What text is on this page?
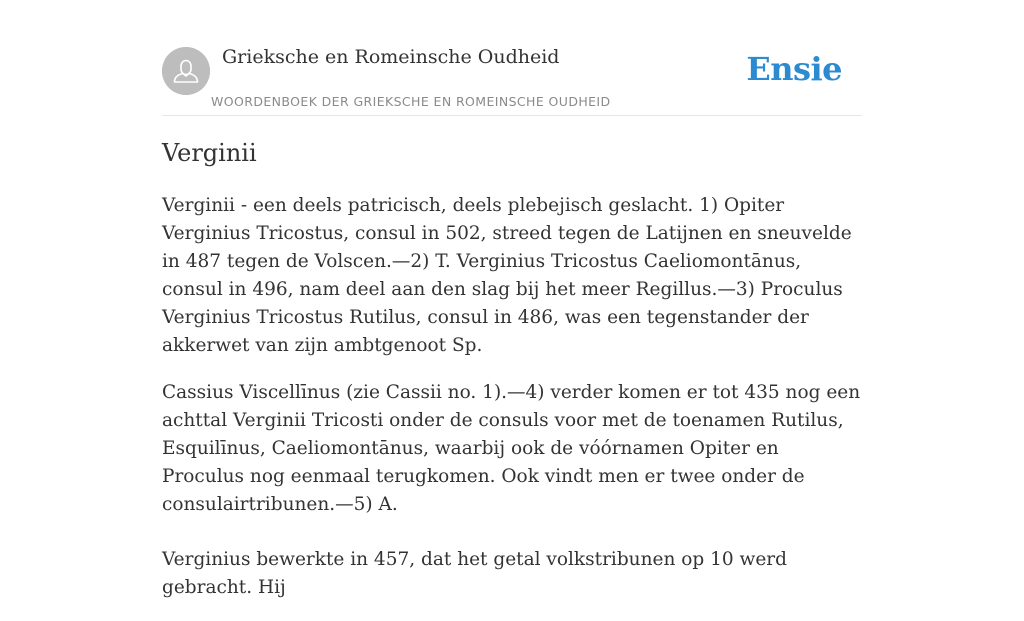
Grieksche en Romeinsche Oudheid
WOORDENBOEK DER GRIEKSCHE EN ROMEINSCHE OUDHEID
Ensie
Verginii

Verginii - een deels patricisch, deels plebejisch geslacht. 1) Opiter Verginius Tricostus, consul in 502, streed tegen de Latijnen en sneuvelde in 487 tegen de Volscen.—2) T. Verginius Tricostus Caeliomontānus, consul in 496, nam deel aan den slag bij het meer Regillus.—3) Proculus Verginius Tricostus Rutilus, consul in 486, was een tegenstander der akkerwet van zijn ambtgenoot Sp.

Cassius Viscellīnus (zie Cassii no. 1).—4) verder komen er tot 435 nog een achttal Verginii Tricosti onder de consuls voor met de toenamen Rutilus, Esquilīnus, Caeliomontānus, waarbij ook de vóórnamen Opiter en Proculus nog eenmaal terugkomen. Ook vindt men er twee onder de consulairtribunen.—5) A.

Verginius bewerkte in 457, dat het getal volkstribunen op 10 werd gebracht. Hij
